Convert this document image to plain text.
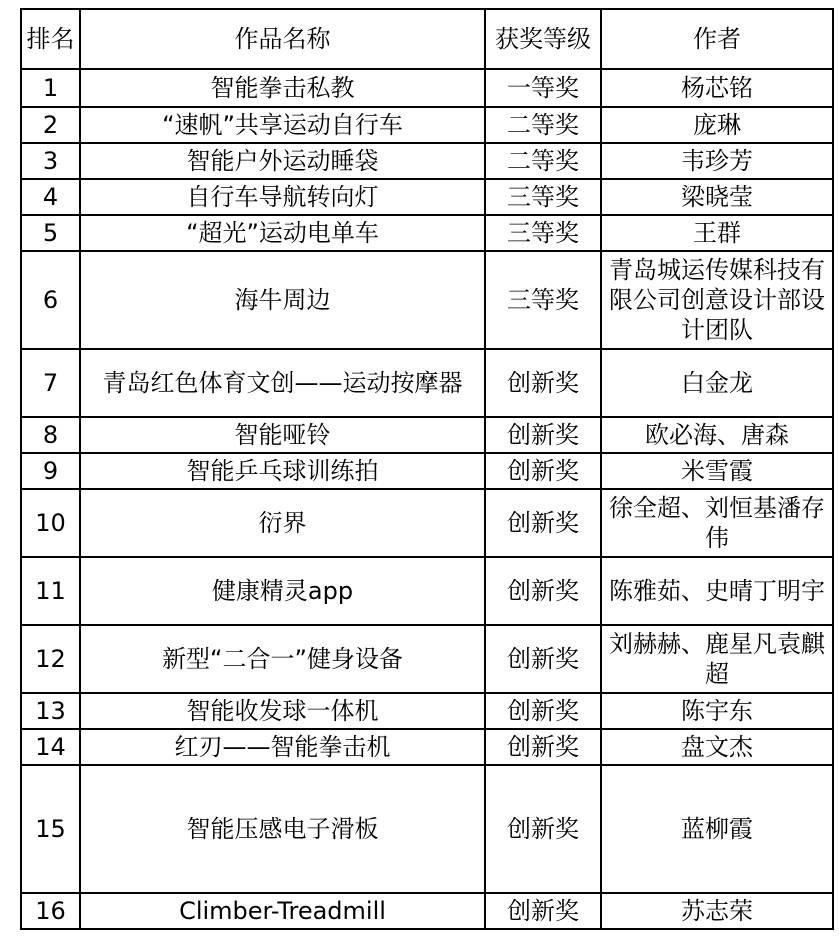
排名	作品名称	获奖等级	作者
1	智能拳击私教	一等奖	杨芯铭
2	“速帆”共享运动自行车	二等奖	庞琳
3	智能户外运动睡袋	二等奖	韦珍芳
4	自行车导航转向灯	三等奖	梁晓莹
5	“超光”运动电单车	三等奖	王群
6	海牛周边	三等奖	青岛城运传媒科技有限公司创意设计部设计团队
7	青岛红色体育文创——运动按摩器	创新奖	白金龙
8	智能哑铃	创新奖	欧必海、唐森
9	智能乒乓球训练拍	创新奖	米雪霞
10	衍界	创新奖	徐全超、刘恒基潘存伟
11	健康精灵app	创新奖	陈雅茹、史晴丁明宇
12	新型“二合一”健身设备	创新奖	刘赫赫、鹿星凡袁麒超
13	智能收发球一体机	创新奖	陈宇东
14	红刃——智能拳击机	创新奖	盘文杰
15	智能压感电子滑板	创新奖	蓝柳霞
16	Climber-Treadmill	创新奖	苏志荣
